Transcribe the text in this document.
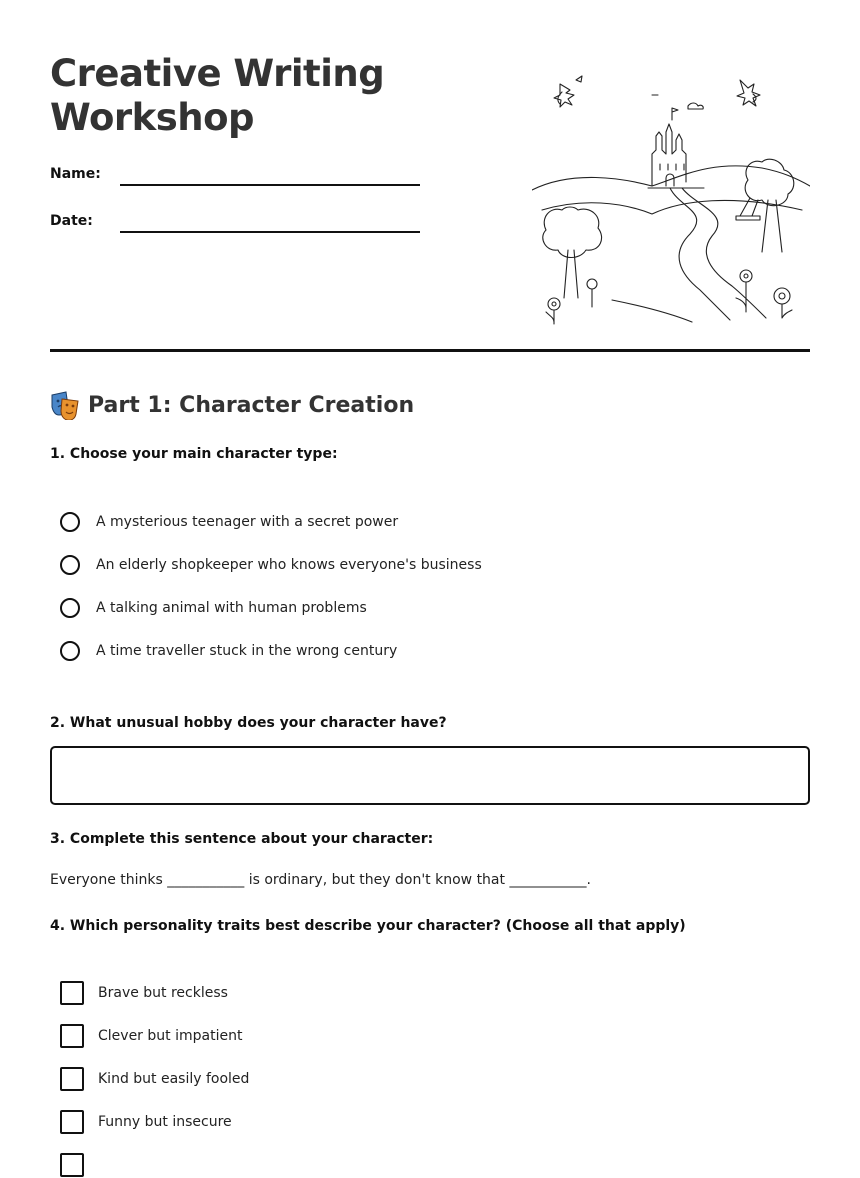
Creative Writing Workshop
Name:
Date:
Part 1: Character Creation

1. Choose your main character type:

A mysterious teenager with a secret power
An elderly shopkeeper who knows everyone's business
A talking animal with human problems
A time traveller stuck in the wrong century

2. What unusual hobby does your character have?

3. Complete this sentence about your character:

Everyone thinks ___________ is ordinary, but they don't know that ___________.

4. Which personality traits best describe your character? (Choose all that apply)

Brave but reckless
Clever but impatient
Kind but easily fooled
Funny but insecure
